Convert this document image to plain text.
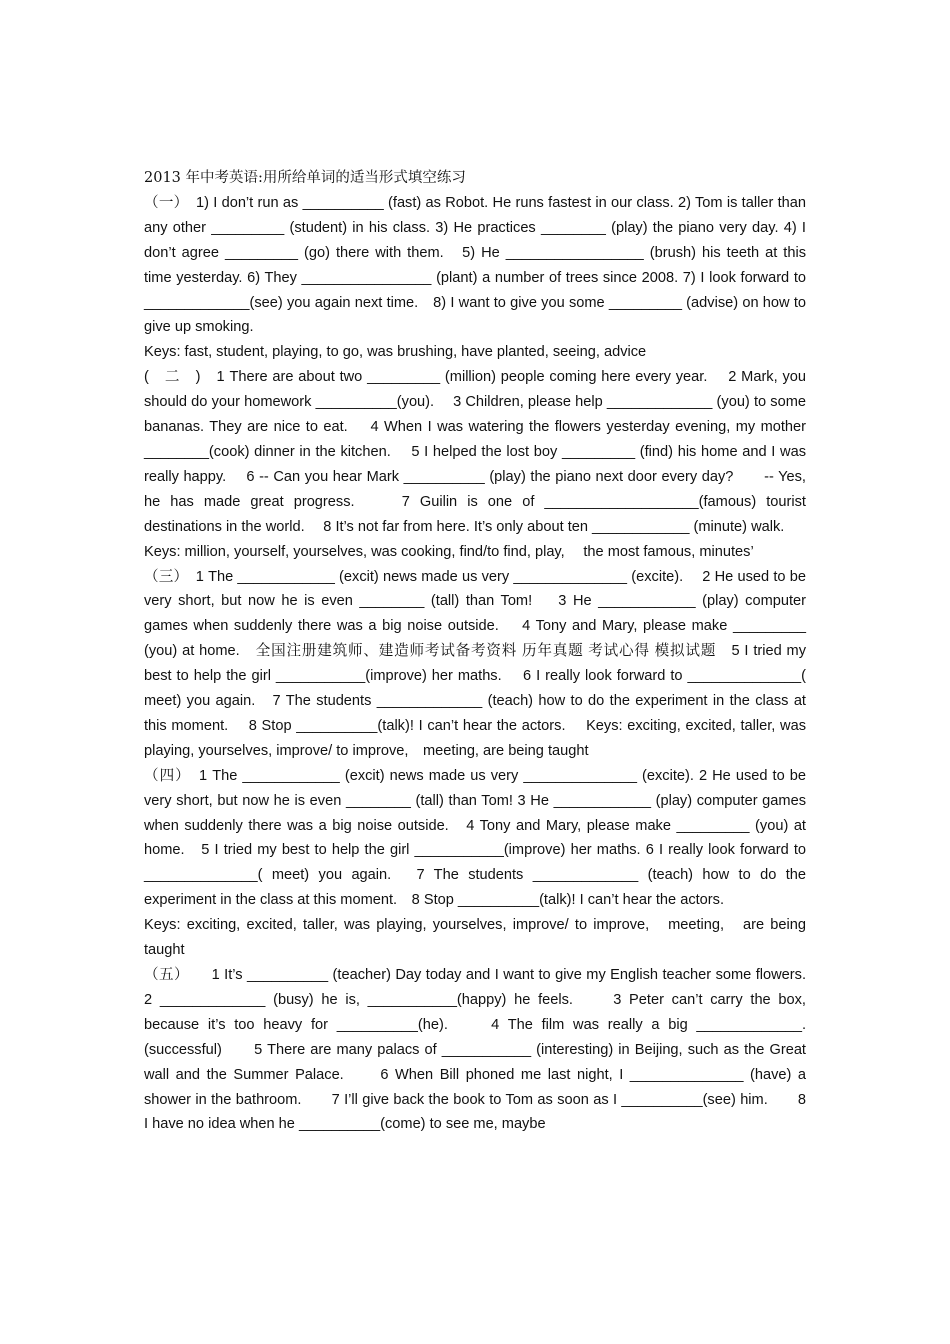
2013 年中考英语:用所给单词的适当形式填空练习

（一）　1) I don’t run as __________ (fast) as Robot. He runs fastest in our class. 2) Tom is taller than any other _________ (student) in his class. 3) He practices ________ (play) the piano very day. 4) I don’t agree _________ (go) there with them.　5) He _________________ (brush) his teeth at this time yesterday. 6) They ________________ (plant) a number of trees since 2008. 7) I look forward to _____________(see) you again next time.　8) I want to give you some _________ (advise) on how to give up smoking.

Keys: fast, student, playing, to go, was brushing, have planted, seeing, advice

(　二　)　1 There are about two _________ (million) people coming here every year.　 2 Mark, you should do your homework __________(you).　 3 Children, please help _____________ (you) to some bananas. They are nice to eat.　 4 When I was watering the flowers yesterday evening, my mother ________(cook) dinner in the kitchen.　 5 I helped the lost boy _________ (find) his home and I was really happy.　 6 -- Can you hear Mark __________ (play) the piano next door every day?　　-- Yes, he has made great progress.　　7 Guilin is one of ___________________(famous) tourist destinations in the world.　 8 It’s not far from here. It’s only about ten ____________ (minute) walk.

Keys: million, yourself, yourselves, was cooking, find/to find, play,　 the most famous, minutes’

（三）　1 The ____________ (excit) news made us very ______________ (excite).　 2 He used to be very short, but now he is even ________ (tall) than Tom!　 3 He ____________ (play) computer games when suddenly there was a big noise outside.　 4 Tony and Mary, please make _________ (you) at home.　全国注册建筑师、建造师考试备考资料 历年真题 考试心得 模拟试题　5 I tried my best to help the girl ___________(improve) her maths.　 6 I really look forward to ______________( meet) you again.　7 The students _____________ (teach) how to do the experiment in the class at this moment.　 8 Stop __________(talk)! I can’t hear the actors.　 Keys: exciting, excited, taller, was playing, yourselves, improve/ to improve,　meeting, are being taught

（四）　1 The ____________ (excit) news made us very ______________ (excite). 2 He used to be very short, but now he is even ________ (tall) than Tom! 3 He ____________ (play) computer games when suddenly there was a big noise outside.　4 Tony and Mary, please make _________ (you) at home.　5 I tried my best to help the girl ___________(improve) her maths. 6 I really look forward to ______________( meet) you again.　7 The students _____________ (teach) how to do the experiment in the class at this moment.　8 Stop __________(talk)! I can’t hear the actors.

Keys: exciting, excited, taller, was playing, yourselves, improve/ to improve,　meeting,　are being taught

（五）　　1 It’s __________ (teacher) Day today and I want to give my English teacher some flowers.　　2 _____________ (busy) he is, ___________(happy) he feels.　　3 Peter can’t carry the box, because it’s too heavy for __________(he).　　4 The film was really a big _____________. (successful)　　5 There are many palacs of ___________ (interesting) in Beijing, such as the Great wall and the Summer Palace.　　6 When Bill phoned me last night, I ______________ (have) a shower in the bathroom.　　7 I’ll give back the book to Tom as soon as I __________(see) him.　　8 I have no idea when he __________(come) to see me, maybe
